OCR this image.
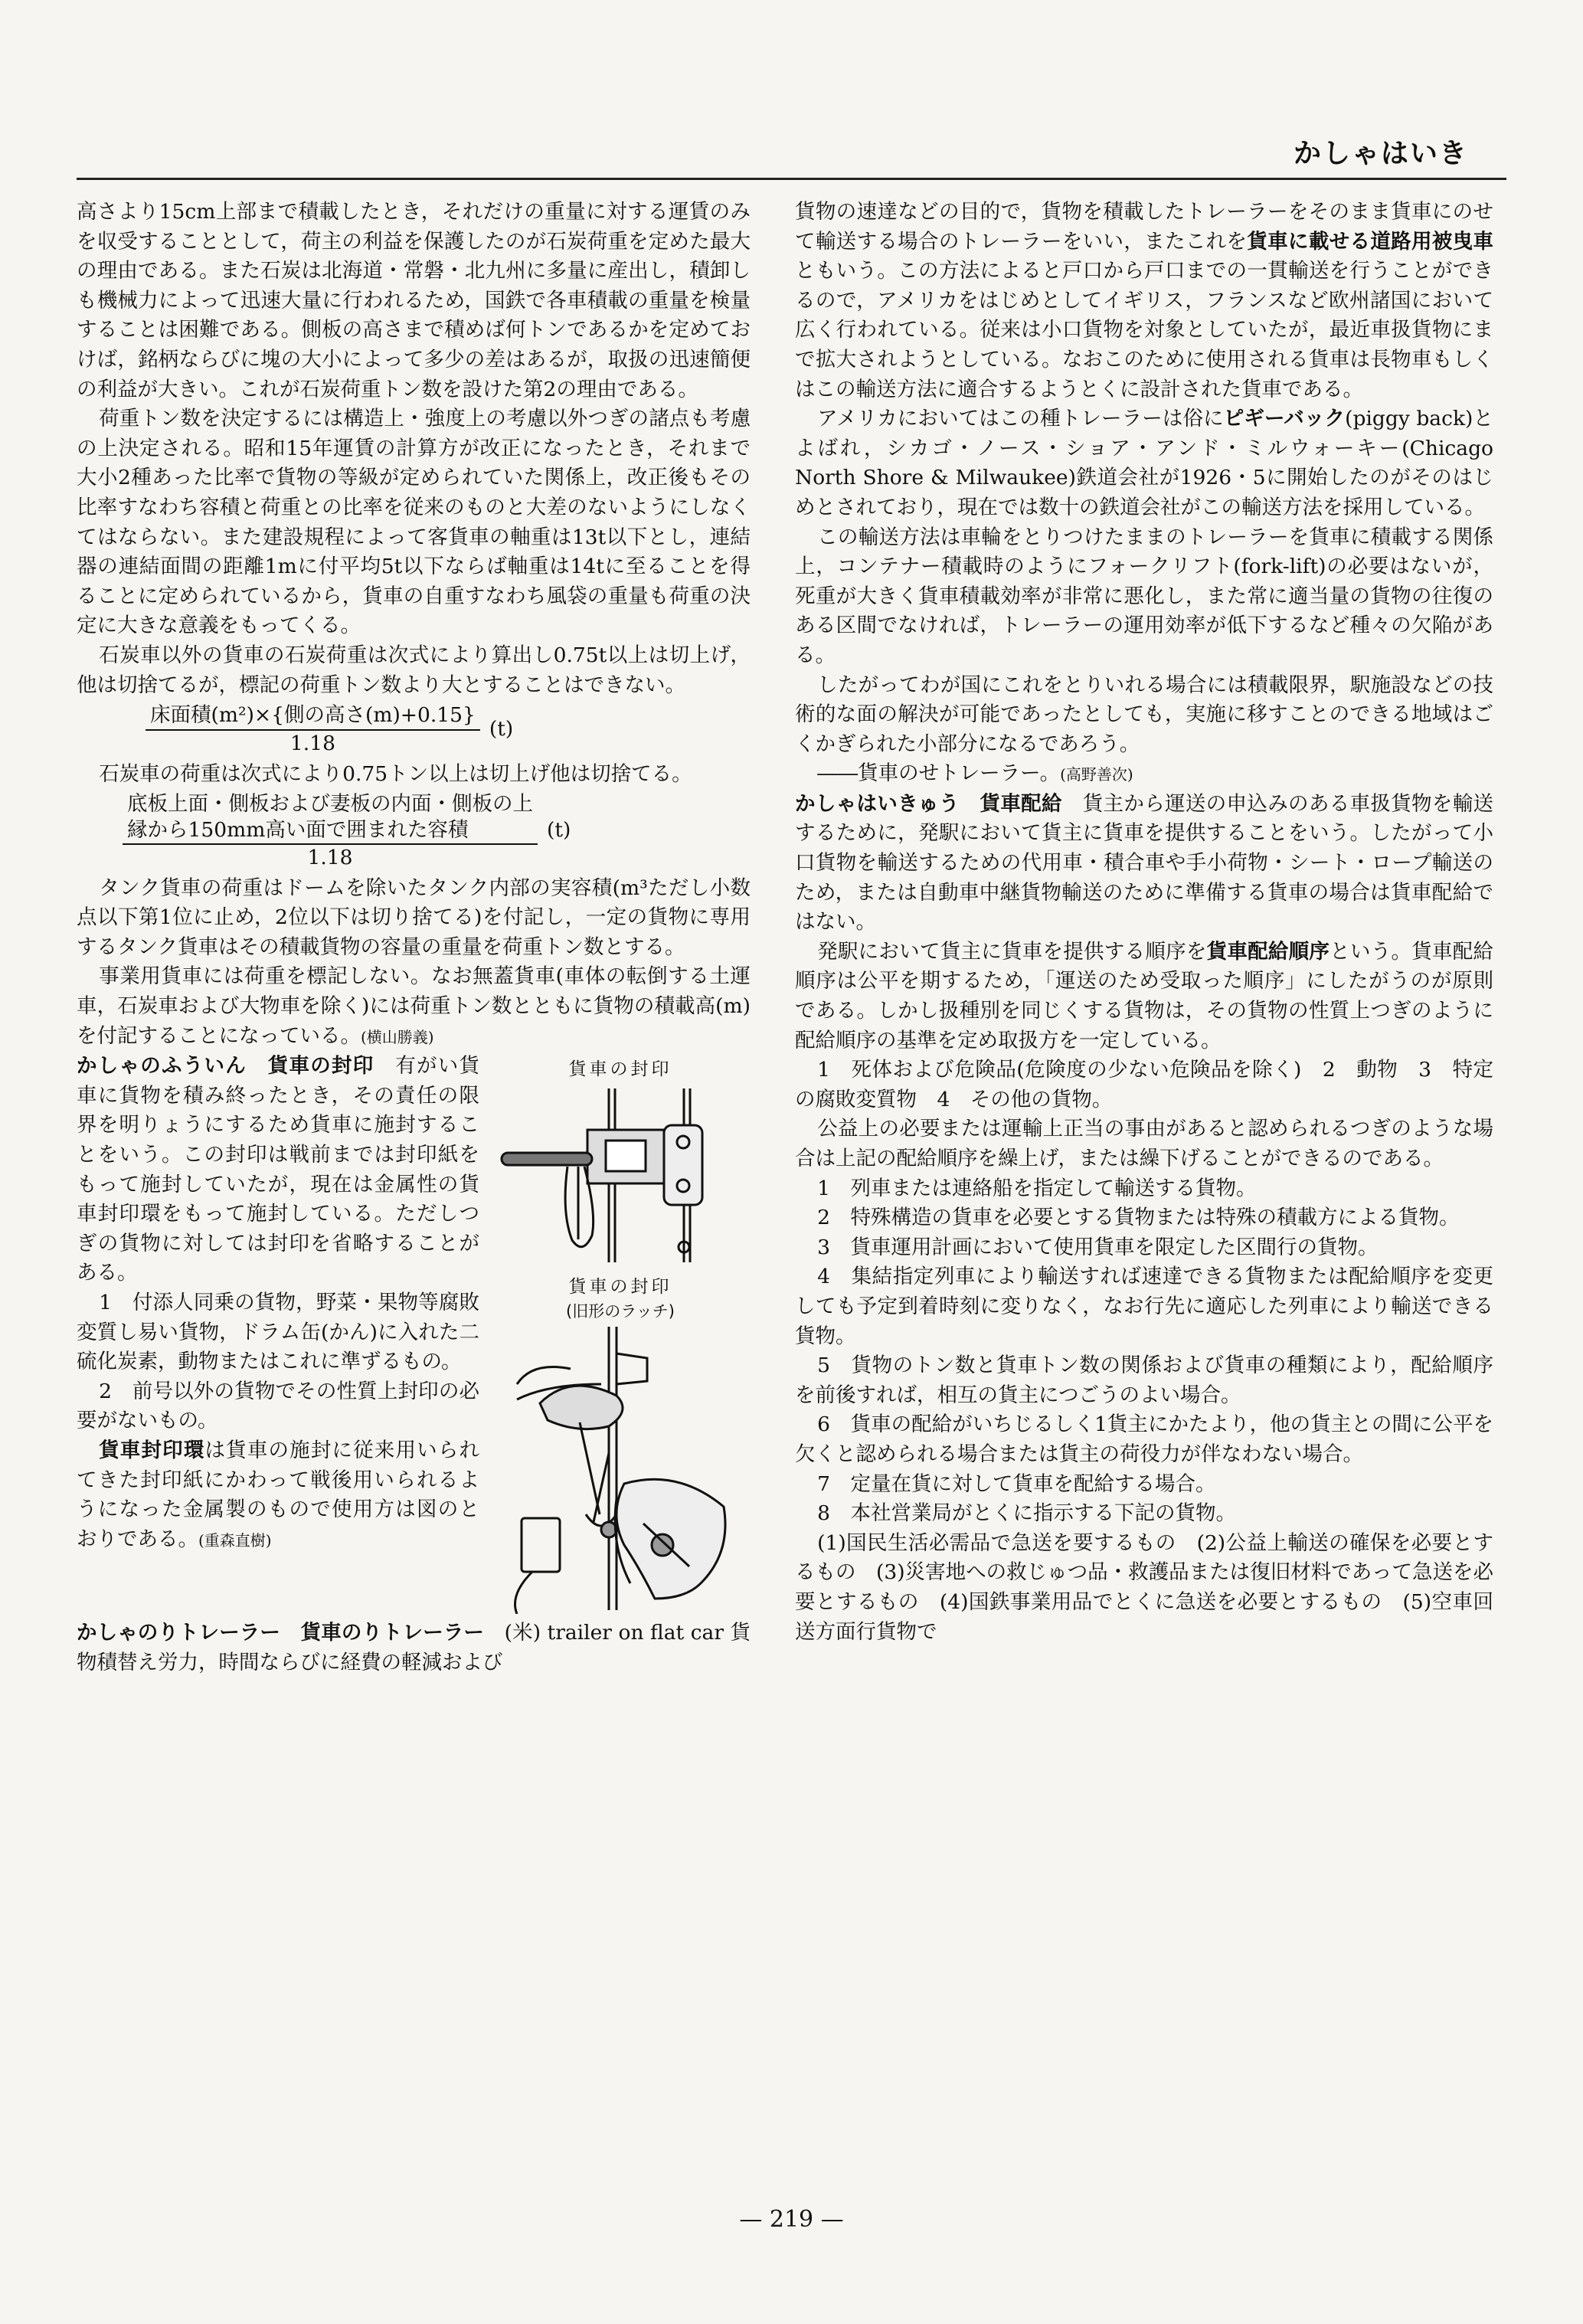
かしゃはいき

高さより15cm上部まで積載したとき，それだけの重量に対する運賃のみを収受することとして，荷主の利益を保護したのが石炭荷重を定めた最大の理由である。また石炭は北海道・常磐・北九州に多量に産出し，積卸しも機械力によって迅速大量に行われるため，国鉄で各車積載の重量を検量することは困難である。側板の高さまで積めば何トンであるかを定めておけば，銘柄ならびに塊の大小によって多少の差はあるが，取扱の迅速簡便の利益が大きい。これが石炭荷重トン数を設けた第2の理由である。

荷重トン数を決定するには構造上・強度上の考慮以外つぎの諸点も考慮の上決定される。昭和15年運賃の計算方が改正になったとき，それまで大小2種あった比率で貨物の等級が定められていた関係上，改正後もその比率すなわち容積と荷重との比率を従来のものと大差のないようにしなくてはならない。また建設規程によって客貨車の軸重は13t以下とし，連結器の連結面間の距離1mに付平均5t以下ならば軸重は14tに至ることを得ることに定められているから，貨車の自重すなわち風袋の重量も荷重の決定に大きな意義をもってくる。

石炭車以外の貨車の石炭荷重は次式により算出し0.75t以上は切上げ，他は切捨てるが，標記の荷重トン数より大とすることはできない。

$\frac{\text{床面積(m²)×\{側の高さ(m)+0.15\}}}{1.18} (t)$

石炭車の荷重は次式により0.75トン以上は切上げ他は切捨てる。

底板上面・側板および妻板の内面・側板の上
縁から150mm高い面で囲まれた容積
1.18
(t)

タンク貨車の荷重はドームを除いたタンク内部の実容積(m³ただし小数点以下第1位に止め，2位以下は切り捨てる)を付記し，一定の貨物に専用するタンク貨車はその積載貨物の容量の重量を荷重トン数とする。

事業用貨車には荷重を標記しない。なお無蓋貨車(車体の転倒する土運車，石炭車および大物車を除く)には荷重トン数とともに貨物の積載高(m)を付記することになっている。(横山勝義)

かしゃのふういん　 貨車の封印　	貨車の封印
貨車の封印
(旧形のラッチ)
有がい貨車に貨物を積み終ったとき，その責任の限界を明りょうにするため貨車に施封することをいう。この封印は戦前までは封印紙をもって施封していたが，現在は金属性の貨車封印環をもって施封している。ただしつぎの貨物に対しては封印を省略することがある。

1　付添人同乗の貨物，野菜・果物等腐敗変質し易い貨物，ドラム缶(かん)に入れた二硫化炭素，動物またはこれに準ずるもの。

2　前号以外の貨物でその性質上封印の必要がないもの。

貨車封印環は貨車の施封に従来用いられてきた封印紙にかわって戦後用いられるようになった金属製のもので使用方は図のとおりである。(重森直樹)

かしゃのりトレーラー　 貨車のりトレーラー　 (米) trailer on flat car 貨物積替え労力，時間ならびに経費の軽減および

貨物の速達などの目的で，貨物を積載したトレーラーをそのまま貨車にのせて輸送する場合のトレーラーをいい，またこれを貨車に載せる道路用被曳車ともいう。この方法によると戸口から戸口までの一貫輸送を行うことができるので，アメリカをはじめとしてイギリス，フランスなど欧州諸国において広く行われている。従来は小口貨物を対象としていたが，最近車扱貨物にまで拡大されようとしている。なおこのために使用される貨車は長物車もしくはこの輸送方法に適合するようとくに設計された貨車である。

アメリカにおいてはこの種トレーラーは俗にピギーバック(piggy back)とよばれ，シカゴ・ノース・ショア・アンド・ミルウォーキー(Chicago North Shore & Milwaukee)鉄道会社が1926・5に開始したのがそのはじめとされており，現在では数十の鉄道会社がこの輸送方法を採用している。

この輸送方法は車輪をとりつけたままのトレーラーを貨車に積載する関係上，コンテナー積載時のようにフォークリフト(fork-lift)の必要はないが，死重が大きく貨車積載効率が非常に悪化し，また常に適当量の貨物の往復のある区間でなければ，トレーラーの運用効率が低下するなど種々の欠陥がある。

したがってわが国にこれをとりいれる場合には積載限界，駅施設などの技術的な面の解決が可能であったとしても，実施に移すことのできる地域はごくかぎられた小部分になるであろう。

――貨車のせトレーラー。(高野善次)

かしゃはいきゅう　 貨車配給　 貨主から運送の申込みのある車扱貨物を輸送するために，発駅において貨主に貨車を提供することをいう。したがって小口貨物を輸送するための代用車・積合車や手小荷物・シート・ロープ輸送のため，または自動車中継貨物輸送のために準備する貨車の場合は貨車配給ではない。

発駅において貨主に貨車を提供する順序を貨車配給順序という。貨車配給順序は公平を期するため，「運送のため受取った順序」にしたがうのが原則である。しかし扱種別を同じくする貨物は，その貨物の性質上つぎのように配給順序の基準を定め取扱方を一定している。

1　死体および危険品(危険度の少ない危険品を除く)　2　動物　3　特定の腐敗変質物　4　その他の貨物。

公益上の必要または運輸上正当の事由があると認められるつぎのような場合は上記の配給順序を繰上げ，または繰下げることができるのである。

1　列車または連絡船を指定して輸送する貨物。

2　特殊構造の貨車を必要とする貨物または特殊の積載方による貨物。

3　貨車運用計画において使用貨車を限定した区間行の貨物。

4　集結指定列車により輸送すれば速達できる貨物または配給順序を変更しても予定到着時刻に変りなく，なお行先に適応した列車により輸送できる貨物。

5　貨物のトン数と貨車トン数の関係および貨車の種類により，配給順序を前後すれば，相互の貨主につごうのよい場合。

6　貨車の配給がいちじるしく1貨主にかたより，他の貨主との間に公平を欠くと認められる場合または貨主の荷役力が伴なわない場合。

7　定量在貨に対して貨車を配給する場合。

8　本社営業局がとくに指示する下記の貨物。

(1)国民生活必需品で急送を要するもの　(2)公益上輸送の確保を必要とするもの　(3)災害地への救じゅつ品・救護品または復旧材料であって急送を必要とするもの　(4)国鉄事業用品でとくに急送を必要とするもの　(5)空車回送方面行貨物で

— 219 —
